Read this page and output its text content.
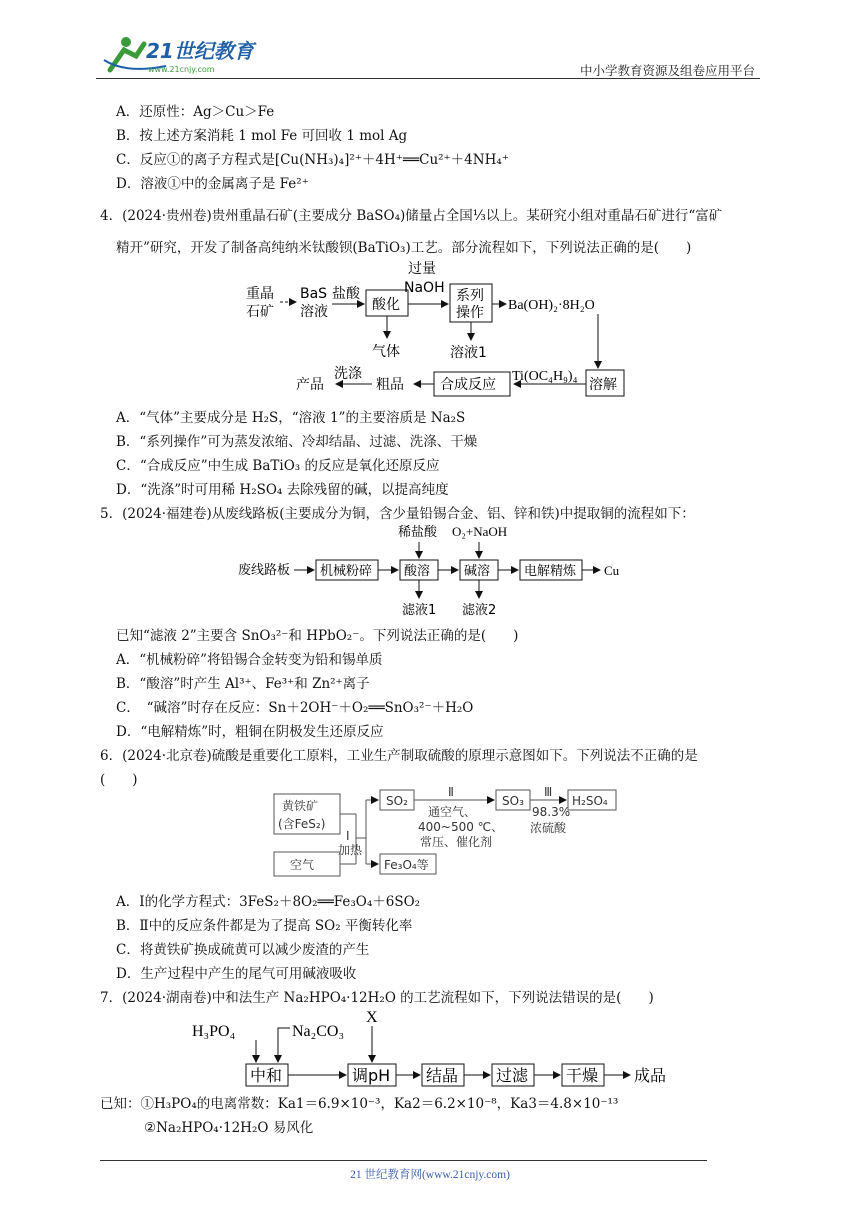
21世纪教育
www.21cnjy.com	中小学教育资源及组卷应用平台
A．还原性：Ag＞Cu＞Fe
B．按上述方案消耗 1 mol Fe 可回收 1 mol Ag
C．反应①的离子方程式是[Cu(NH₃)₄]²⁺＋4H⁺══Cu²⁺＋4NH₄⁺
D．溶液①中的金属离子是 Fe²⁺
4．(2024·贵州卷)贵州重晶石矿(主要成分 BaSO₄)储量占全国⅓以上。某研究小组对重晶石矿进行“富矿
精开”研究，开发了制备高纯纳米钛酸钡(BaTiO₃)工艺。部分流程如下，下列说法正确的是(　　)
重晶
石矿
BaS
溶液
盐酸
酸化
过量
NaOH 系列
操作 Ba(OH)₂·8H₂O
气体	溶液1
Ti(OC₄H₉)₄
溶解
合成反应
粗品
洗涤
产品
A．“气体”主要成分是 H₂S，“溶液 1”的主要溶质是 Na₂S
B．“系列操作”可为蒸发浓缩、冷却结晶、过滤、洗涤、干燥
C．“合成反应”中生成 BaTiO₃ 的反应是氧化还原反应
D．“洗涤”时可用稀 H₂SO₄ 去除残留的碱，以提高纯度
5．(2024·福建卷)从废线路板(主要成分为铜，含少量铅锡合金、铝、锌和铁)中提取铜的流程如下：
废线路板 机械粉碎 酸溶
稀盐酸
滤液1
碱溶
O₂+NaOH
滤液2
电解精炼 Cu
已知“滤液 2”主要含 SnO₃²⁻和 HPbO₂⁻。下列说法正确的是(　　)
A．“机械粉碎”将铅锡合金转变为铅和锡单质
B．“酸溶”时产生 Al³⁺、Fe³⁺和 Zn²⁺离子
C．　“碱溶”时存在反应：Sn＋2OH⁻＋O₂══SnO₃²⁻＋H₂O
D．“电解精炼”时，粗铜在阴极发生还原反应
6．(2024·北京卷)硫酸是重要化工原料，工业生产制取硫酸的原理示意图如下。下列说法不正确的是
(　　)
黄铁矿
(含FeS₂)
空气
Ⅰ
加热
SO₂
Fe₃O₄等
Ⅱ
通空气、
400~500 ℃、
常压、催化剂
SO₃
Ⅲ
98.3%
浓硫酸
H₂SO₄
A．Ⅰ的化学方程式：3FeS₂＋8O₂══Fe₃O₄＋6SO₂
B．Ⅱ中的反应条件都是为了提高 SO₂ 平衡转化率
C．将黄铁矿换成硫黄可以减少废渣的产生
D．生产过程中产生的尾气可用碱液吸收
7．(2024·湖南卷)中和法生产 Na₂HPO₄·12H₂O 的工艺流程如下，下列说法错误的是(　　)
H₃PO₄	Na₂CO₃
中和
X
调pH 结晶 过滤 干燥 成品
已知：①H₃PO₄的电离常数：Ka1＝6.9×10⁻³，Ka2＝6.2×10⁻⁸，Ka3＝4.8×10⁻¹³
②Na₂HPO₄·12H₂O 易风化
21 世纪教育网(www.21cnjy.com)
